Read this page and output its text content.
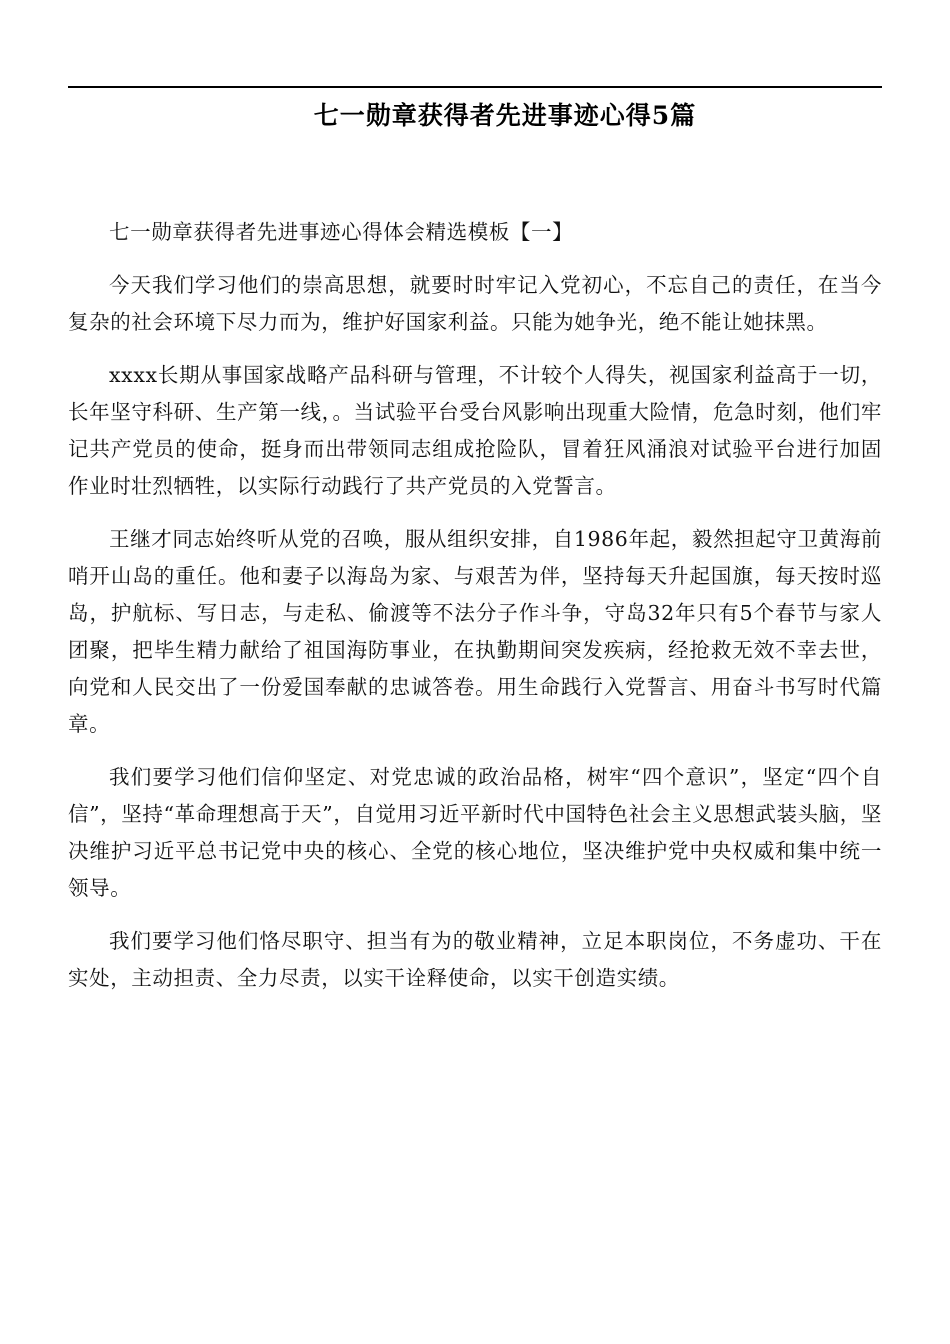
七一勋章获得者先进事迹心得5篇

七一勋章获得者先进事迹心得体会精选模板【一】

今天我们学习他们的崇高思想，就要时时牢记入党初心，不忘自己的责任，在当今复杂的社会环境下尽力而为，维护好国家利益。只能为她争光，绝不能让她抹黑。

xxxx长期从事国家战略产品科研与管理，不计较个人得失，视国家利益高于一切，长年坚守科研、生产第一线，。当试验平台受台风影响出现重大险情，危急时刻，他们牢记共产党员的使命，挺身而出带领同志组成抢险队，冒着狂风涌浪对试验平台进行加固作业时壮烈牺牲，以实际行动践行了共产党员的入党誓言。

王继才同志始终听从党的召唤，服从组织安排，自1986年起，毅然担起守卫黄海前哨开山岛的重任。他和妻子以海岛为家、与艰苦为伴，坚持每天升起国旗，每天按时巡岛，护航标、写日志，与走私、偷渡等不法分子作斗争，守岛32年只有5个春节与家人团聚，把毕生精力献给了祖国海防事业，在执勤期间突发疾病，经抢救无效不幸去世，向党和人民交出了一份爱国奉献的忠诚答卷。用生命践行入党誓言、用奋斗书写时代篇章。

我们要学习他们信仰坚定、对党忠诚的政治品格，树牢“四个意识”，坚定“四个自信”，坚持“革命理想高于天”，自觉用习近平新时代中国特色社会主义思想武装头脑，坚决维护习近平总书记党中央的核心、全党的核心地位，坚决维护党中央权威和集中统一领导。

我们要学习他们恪尽职守、担当有为的敬业精神，立足本职岗位，不务虚功、干在实处，主动担责、全力尽责，以实干诠释使命，以实干创造实绩。
